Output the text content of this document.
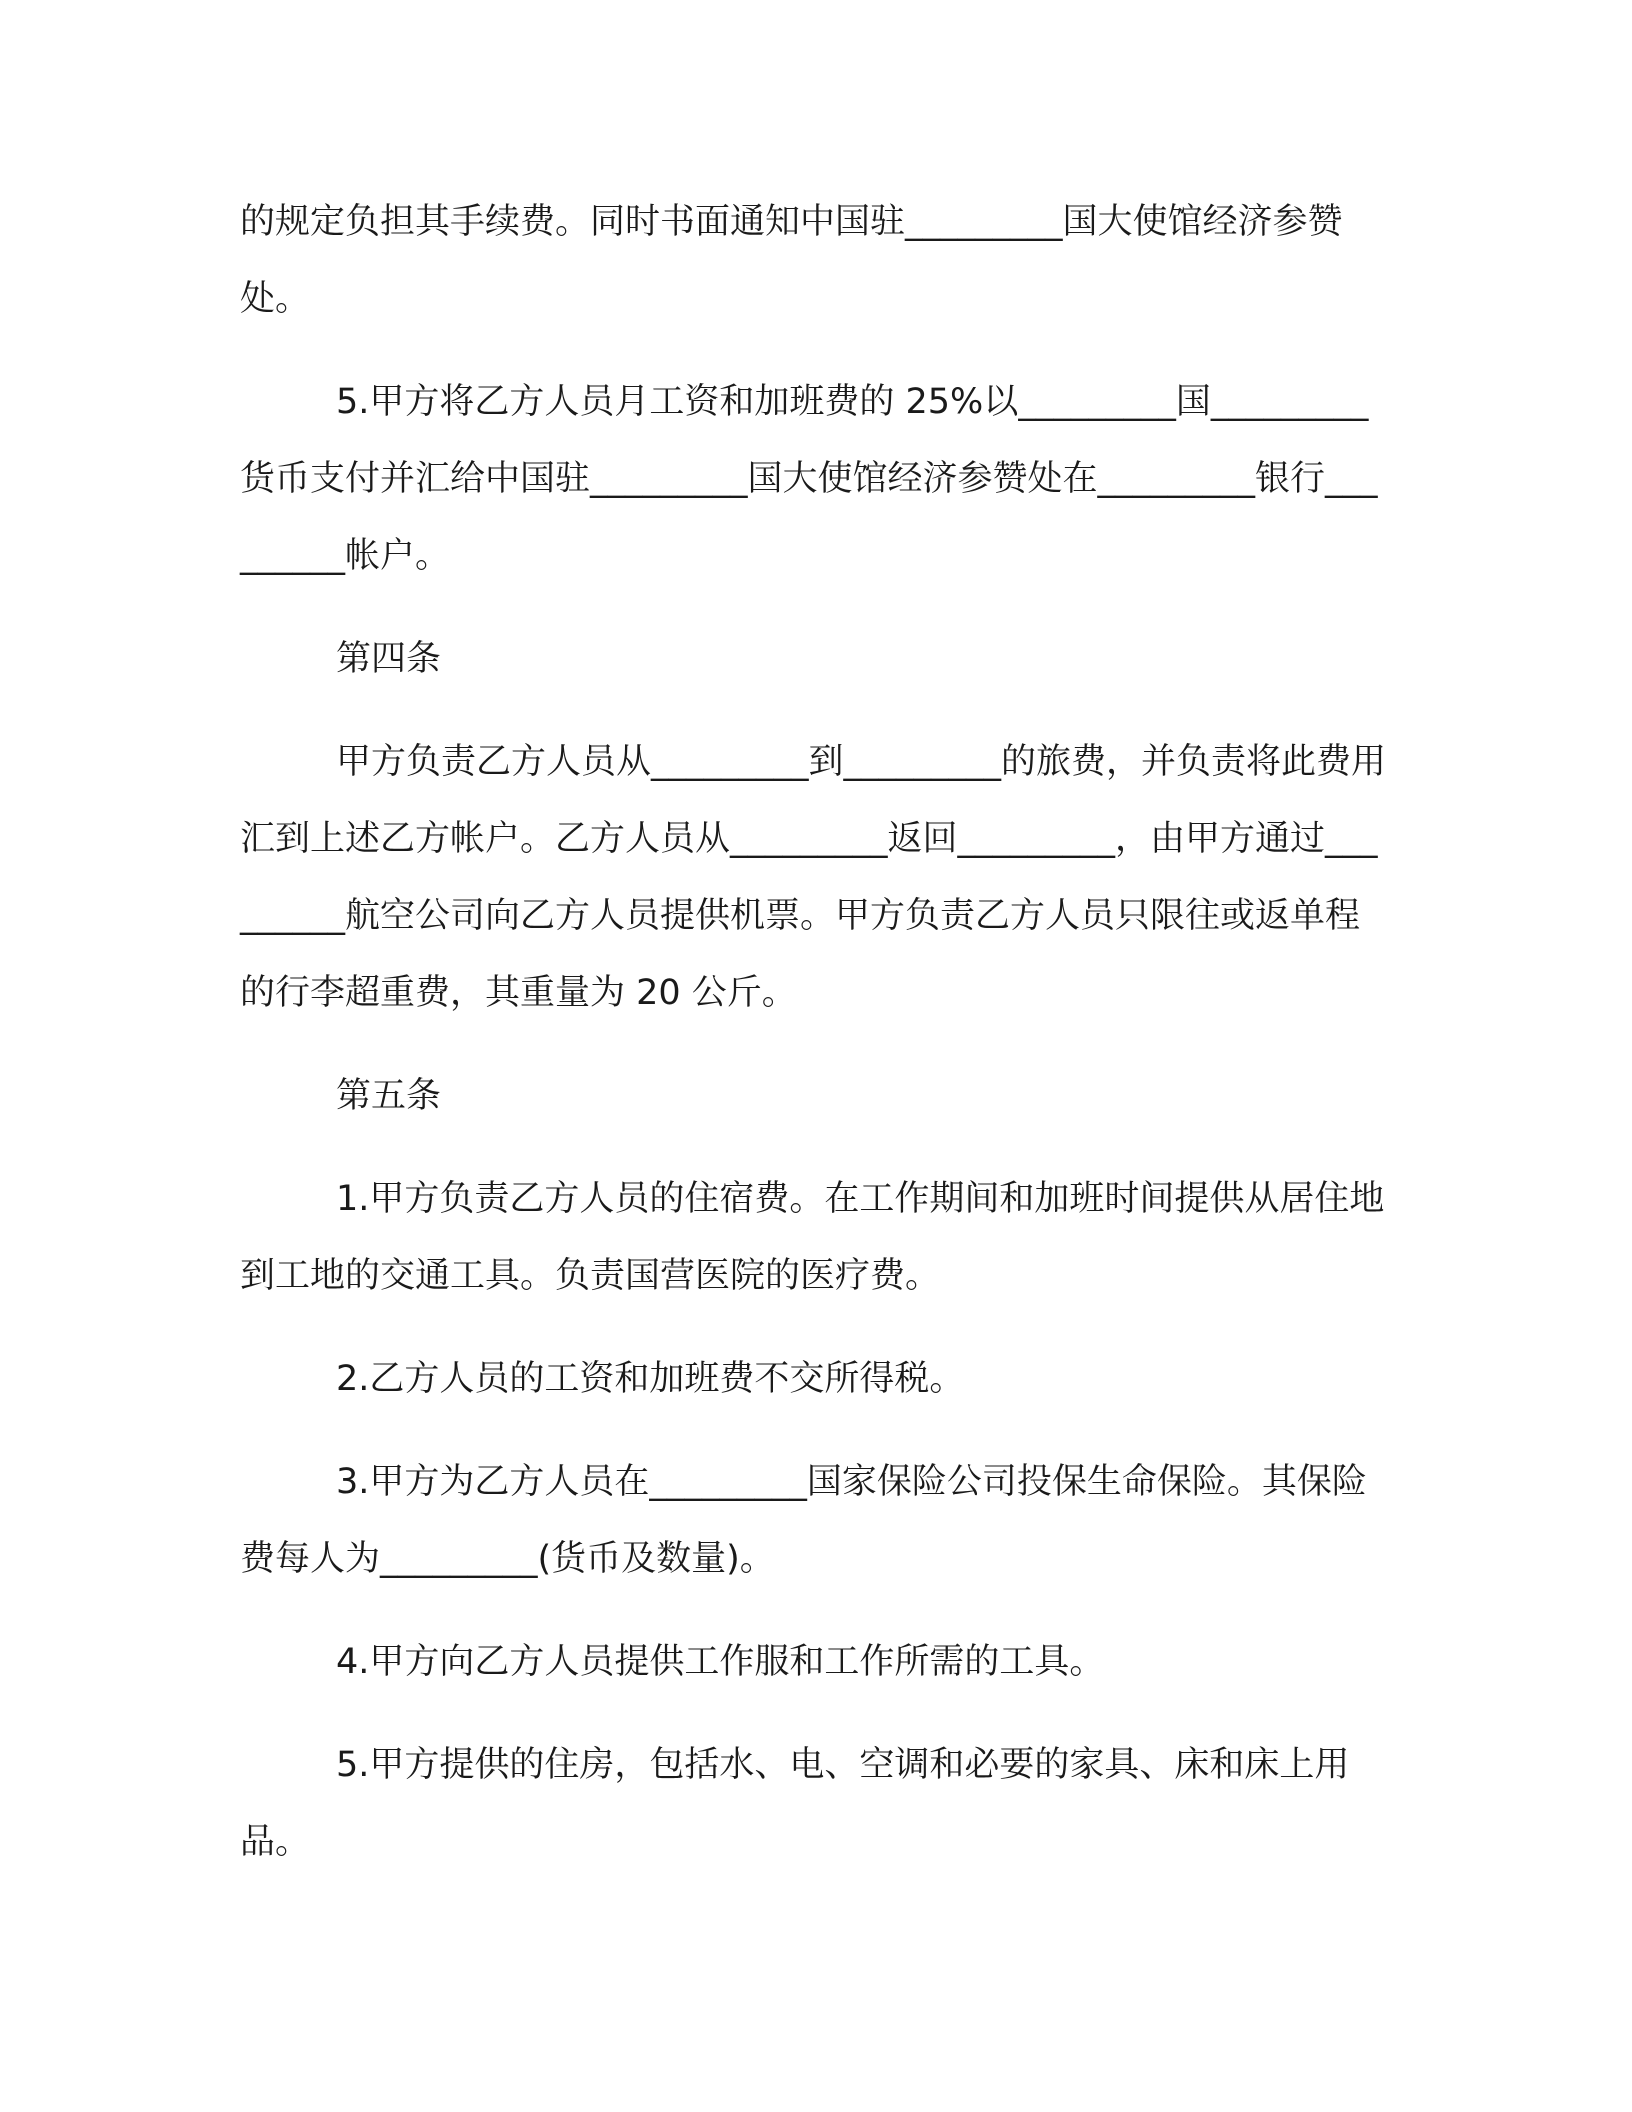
的规定负担其手续费。同时书面通知中国驻_________国大使馆经济参赞处。

5.甲方将乙方人员月工资和加班费的 25%以_________国_________货币支付并汇给中国驻_________国大使馆经济参赞处在_________银行_________帐户。

第四条

甲方负责乙方人员从_________到_________的旅费，并负责将此费用汇到上述乙方帐户。乙方人员从_________返回_________，由甲方通过_________航空公司向乙方人员提供机票。甲方负责乙方人员只限往或返单程的行李超重费，其重量为 20 公斤。

第五条

1.甲方负责乙方人员的住宿费。在工作期间和加班时间提供从居住地到工地的交通工具。负责国营医院的医疗费。

2.乙方人员的工资和加班费不交所得税。

3.甲方为乙方人员在_________国家保险公司投保生命保险。其保险费每人为_________(货币及数量)。

4.甲方向乙方人员提供工作服和工作所需的工具。

5.甲方提供的住房，包括水、电、空调和必要的家具、床和床上用品。
